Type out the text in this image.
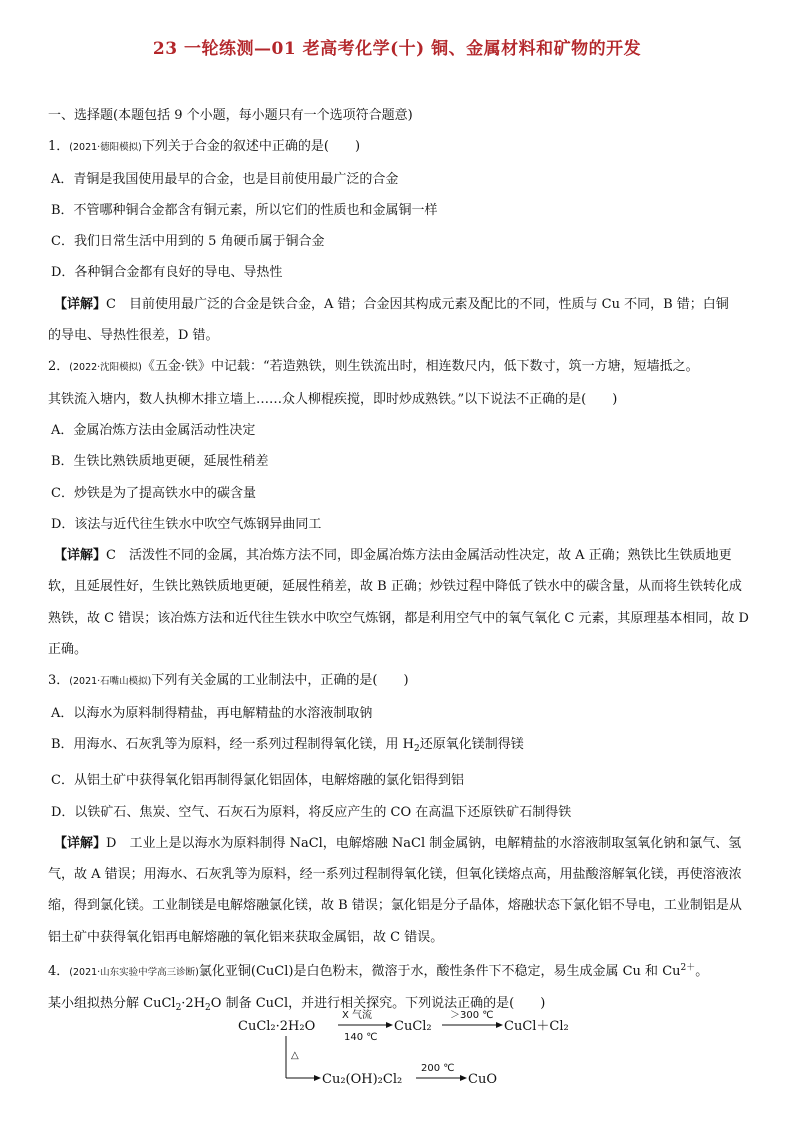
23 一轮练测—01 老高考化学(十) 铜、金属材料和矿物的开发
一、选择题(本题包括 9 个小题，每小题只有一个选项符合题意)
1．(2021·德阳模拟)下列关于合金的叙述中正确的是(　　)
A．青铜是我国使用最早的合金，也是目前使用最广泛的合金
B．不管哪种铜合金都含有铜元素，所以它们的性质也和金属铜一样
C．我们日常生活中用到的 5 角硬币属于铜合金
D．各种铜合金都有良好的导电、导热性
【详解】C　目前使用最广泛的合金是铁合金，A 错；合金因其构成元素及配比的不同，性质与 Cu 不同，B 错；白铜
的导电、导热性很差，D 错。
2．(2022·沈阳模拟)《五金·铁》中记载：“若造熟铁，则生铁流出时，相连数尺内，低下数寸，筑一方塘，短墙抵之。
其铁流入塘内，数人执柳木排立墙上……众人柳棍疾搅，即时炒成熟铁。”以下说法不正确的是(　　)
A．金属冶炼方法由金属活动性决定
B．生铁比熟铁质地更硬，延展性稍差
C．炒铁是为了提高铁水中的碳含量
D．该法与近代往生铁水中吹空气炼钢异曲同工
【详解】C　活泼性不同的金属，其冶炼方法不同，即金属冶炼方法由金属活动性决定，故 A 正确；熟铁比生铁质地更
软，且延展性好，生铁比熟铁质地更硬，延展性稍差，故 B 正确；炒铁过程中降低了铁水中的碳含量，从而将生铁转化成
熟铁，故 C 错误；该冶炼方法和近代往生铁水中吹空气炼钢，都是利用空气中的氧气氧化 C 元素，其原理基本相同，故 D
正确。
3．(2021·石嘴山模拟)下列有关金属的工业制法中，正确的是(　　)
A．以海水为原料制得精盐，再电解精盐的水溶液制取钠
B．用海水、石灰乳等为原料，经一系列过程制得氧化镁，用 $H_2$还原氧化镁制得镁
C．从铝土矿中获得氧化铝再制得氯化铝固体，电解熔融的氯化铝得到铝
D．以铁矿石、焦炭、空气、石灰石为原料，将反应产生的 CO 在高温下还原铁矿石制得铁
【详解】D　工业上是以海水为原料制得 NaCl，电解熔融 NaCl 制金属钠，电解精盐的水溶液制取氢氧化钠和氯气、氢
气，故 A 错误；用海水、石灰乳等为原料，经一系列过程制得氧化镁，但氧化镁熔点高，用盐酸溶解氧化镁，再使溶液浓
缩，得到氯化镁。工业制镁是电解熔融氯化镁，故 B 错误；氯化铝是分子晶体，熔融状态下氯化铝不导电，工业制铝是从
铝土矿中获得氧化铝再电解熔融的氧化铝来获取金属铝，故 C 错误。
4．(2021·山东实验中学高三诊断)氯化亚铜(CuCl)是白色粉末，微溶于水，酸性条件下不稳定，易生成金属 Cu 和 $Cu^{2+}$。
某小组拟热分解 $CuCl_2\cdot 2H_2O$ 制备 CuCl，并进行相关探究。下列说法正确的是(　　)
CuCl₂·2H₂O
X 气流
140 ℃
CuCl₂
＞300 ℃
CuCl＋Cl₂
△
Cu₂(OH)₂Cl₂
200 ℃
CuO
